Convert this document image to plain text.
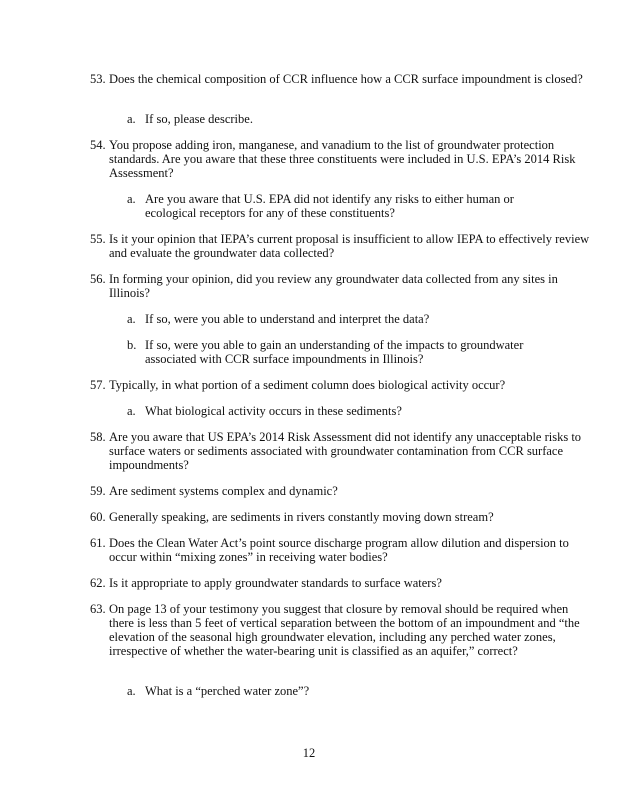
53. Does the chemical composition of CCR influence how a CCR surface impoundment is closed?
a. If so, please describe.
54. You propose adding iron, manganese, and vanadium to the list of groundwater protection standards. Are you aware that these three constituents were included in U.S. EPA’s 2014 Risk Assessment?
a. Are you aware that U.S. EPA did not identify any risks to either human or ecological receptors for any of these constituents?
55. Is it your opinion that IEPA’s current proposal is insufficient to allow IEPA to effectively review and evaluate the groundwater data collected?
56. In forming your opinion, did you review any groundwater data collected from any sites in Illinois?
a. If so, were you able to understand and interpret the data?
b. If so, were you able to gain an understanding of the impacts to groundwater associated with CCR surface impoundments in Illinois?
57. Typically, in what portion of a sediment column does biological activity occur?
a. What biological activity occurs in these sediments?
58. Are you aware that US EPA’s 2014 Risk Assessment did not identify any unacceptable risks to surface waters or sediments associated with groundwater contamination from CCR surface impoundments?
59. Are sediment systems complex and dynamic?
60. Generally speaking, are sediments in rivers constantly moving down stream?
61. Does the Clean Water Act’s point source discharge program allow dilution and dispersion to occur within “mixing zones” in receiving water bodies?
62. Is it appropriate to apply groundwater standards to surface waters?
63. On page 13 of your testimony you suggest that closure by removal should be required when there is less than 5 feet of vertical separation between the bottom of an impoundment and “the elevation of the seasonal high groundwater elevation, including any perched water zones, irrespective of whether the water-bearing unit is classified as an aquifer,” correct?
a. What is a “perched water zone”?
12
